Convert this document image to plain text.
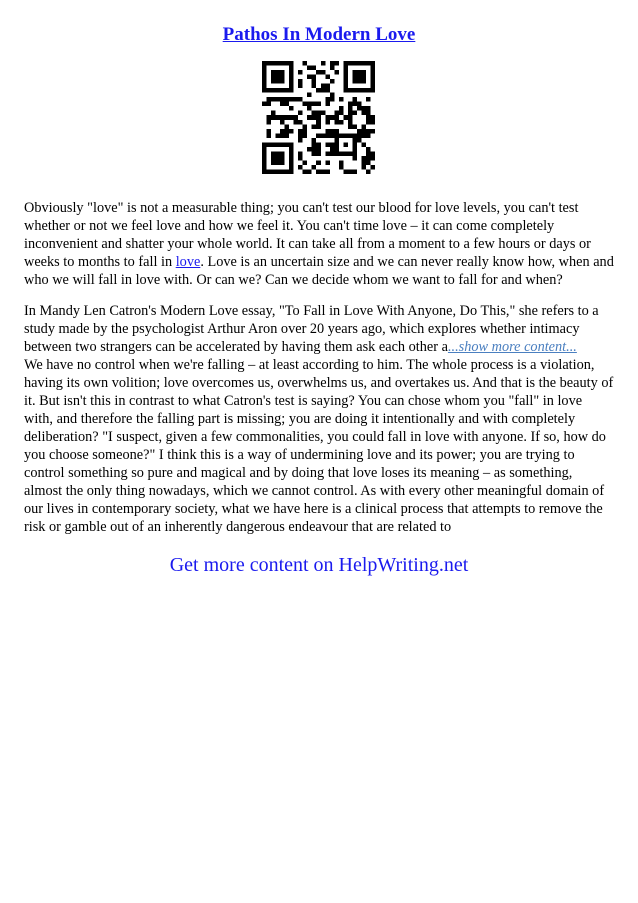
Pathos In Modern Love

Obviously "love" is not a measurable thing; you can't test our blood for love levels, you can't test whether or not we feel love and how we feel it. You can't time love – it can come completely inconvenient and shatter your whole world. It can take all from a moment to a few hours or days or weeks to months to fall in love. Love is an uncertain size and we can never really know how, when and who we will fall in love with. Or can we? Can we decide whom we want to fall for and when?

In Mandy Len Catron's Modern Love essay, "To Fall in Love With Anyone, Do This," she refers to a study made by the psychologist Arthur Aron over 20 years ago, which explores whether intimacy between two strangers can be accelerated by having them ask each other a...show more content...
We have no control when we're falling – at least according to him. The whole process is a violation, having its own volition; love overcomes us, overwhelms us, and overtakes us. And that is the beauty of it. But isn't this in contrast to what Catron's test is saying? You can chose whom you "fall" in love with, and therefore the falling part is missing; you are doing it intentionally and with completely deliberation? "I suspect, given a few commonalities, you could fall in love with anyone. If so, how do you choose someone?" I think this is a way of undermining love and its power; you are trying to control something so pure and magical and by doing that love loses its meaning – as something, almost the only thing nowadays, which we cannot control. As with every other meaningful domain of our lives in contemporary society, what we have here is a clinical process that attempts to remove the risk or gamble out of an inherently dangerous endeavour that are related to

Get more content on HelpWriting.net
